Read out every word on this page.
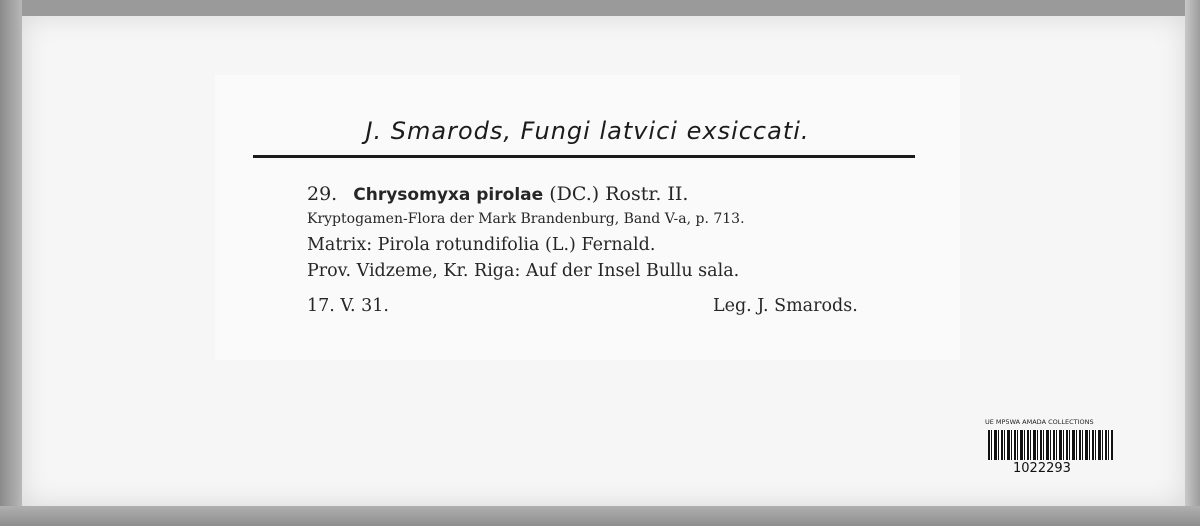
J. Smarods, Fungi latvici exsiccati.
29. Chrysomyxa pirolae (DC.) Rostr. II.
Kryptogamen-Flora der Mark Brandenburg, Band V-a, p. 713.
Matrix: Pirola rotundifolia (L.) Fernald.
Prov. Vidzeme, Kr. Riga: Auf der Insel Bullu sala.
17. V. 31.	Leg. J. Smarods.
UE MP5WA AMADA COLLECTIONS
1022293
